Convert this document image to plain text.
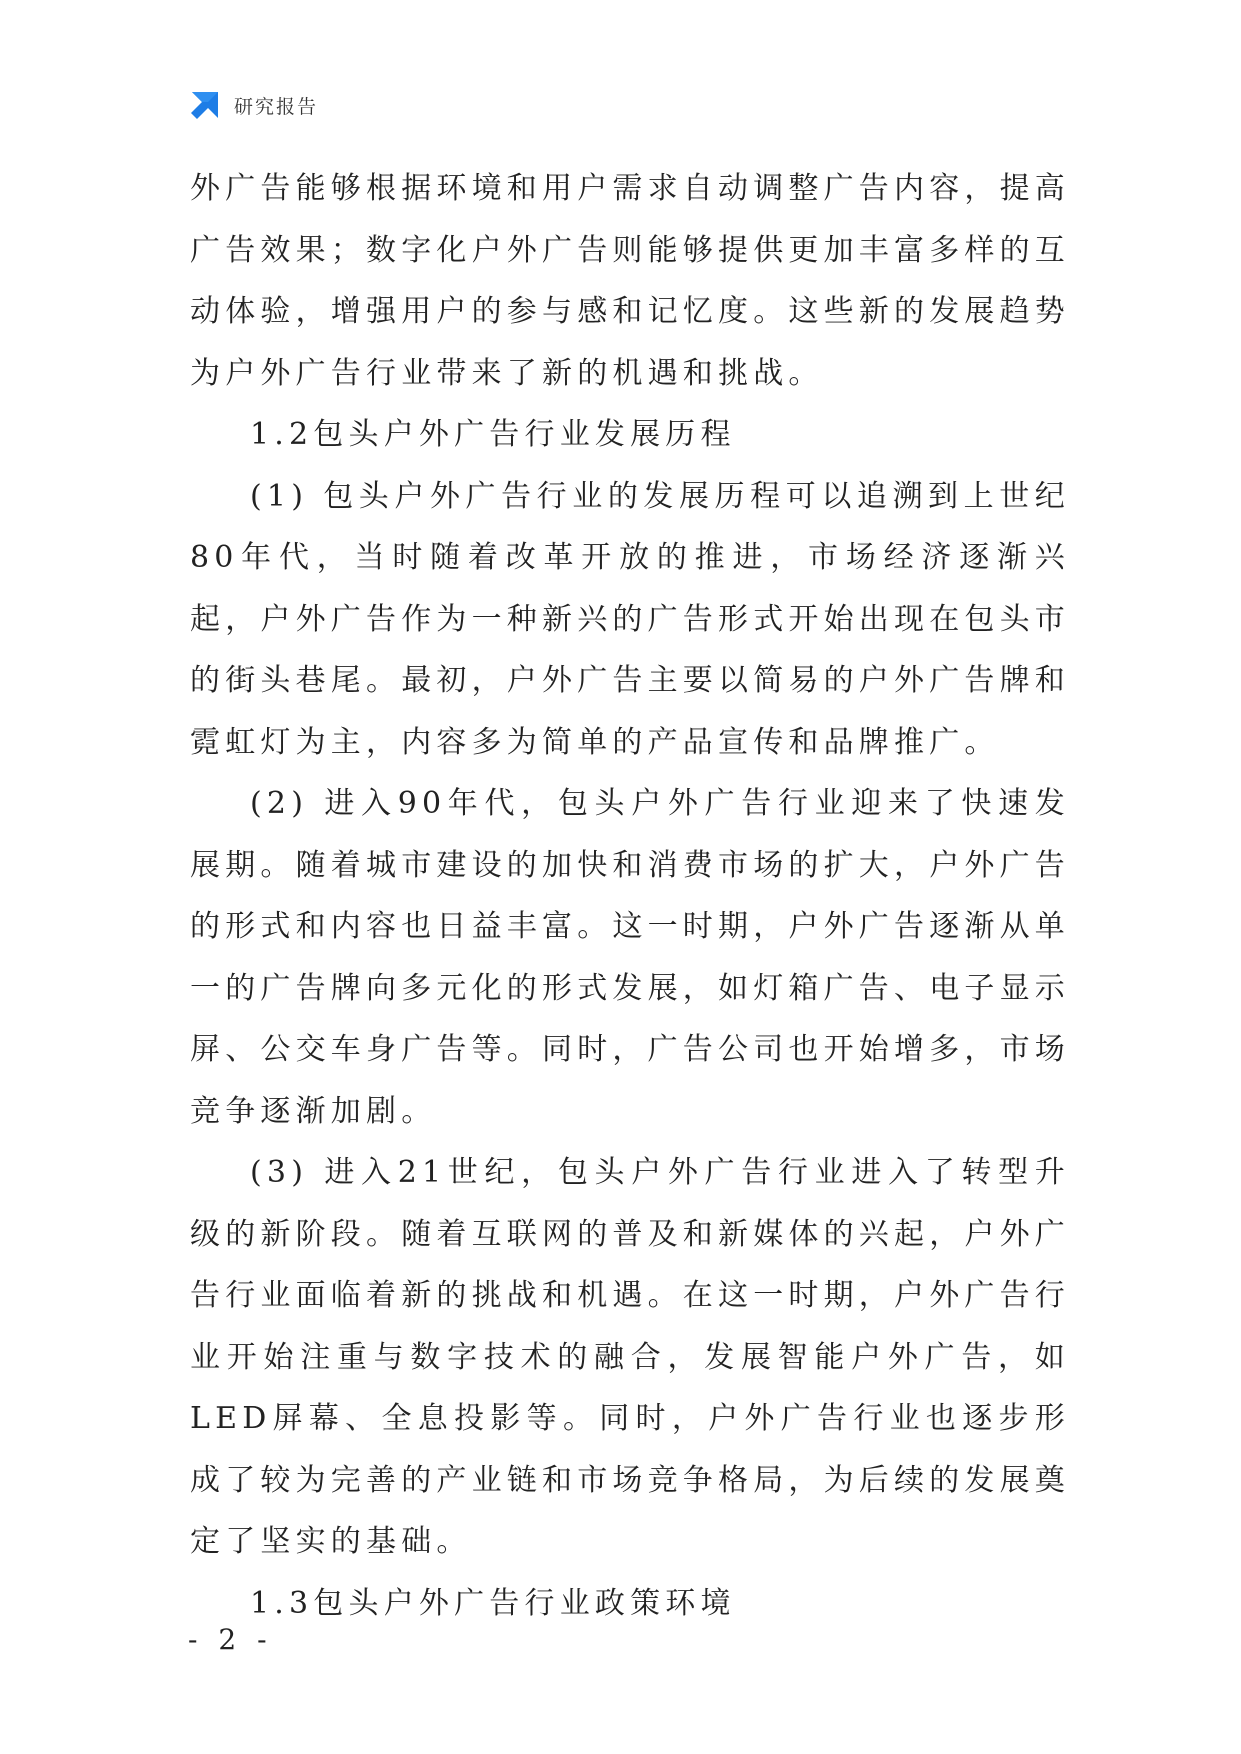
研究报告

外广告能够根据环境和用户需求自动调整广告内容，提高广告效果；数字化户外广告则能够提供更加丰富多样的互动体验，增强用户的参与感和记忆度。这些新的发展趋势为户外广告行业带来了新的机遇和挑战。

1.2包头户外广告行业发展历程

(1) 包头户外广告行业的发展历程可以追溯到上世纪80年代，当时随着改革开放的推进，市场经济逐渐兴起，户外广告作为一种新兴的广告形式开始出现在包头市的街头巷尾。最初，户外广告主要以简易的户外广告牌和霓虹灯为主，内容多为简单的产品宣传和品牌推广。

(2) 进入90年代，包头户外广告行业迎来了快速发展期。随着城市建设的加快和消费市场的扩大，户外广告的形式和内容也日益丰富。这一时期，户外广告逐渐从单一的广告牌向多元化的形式发展，如灯箱广告、电子显示屏、公交车身广告等。同时，广告公司也开始增多，市场竞争逐渐加剧。

(3) 进入21世纪，包头户外广告行业进入了转型升级的新阶段。随着互联网的普及和新媒体的兴起，户外广告行业面临着新的挑战和机遇。在这一时期，户外广告行业开始注重与数字技术的融合，发展智能户外广告，如LED屏幕、全息投影等。同时，户外广告行业也逐步形成了较为完善的产业链和市场竞争格局，为后续的发展奠定了坚实的基础。

1.3包头户外广告行业政策环境

- 2 -
